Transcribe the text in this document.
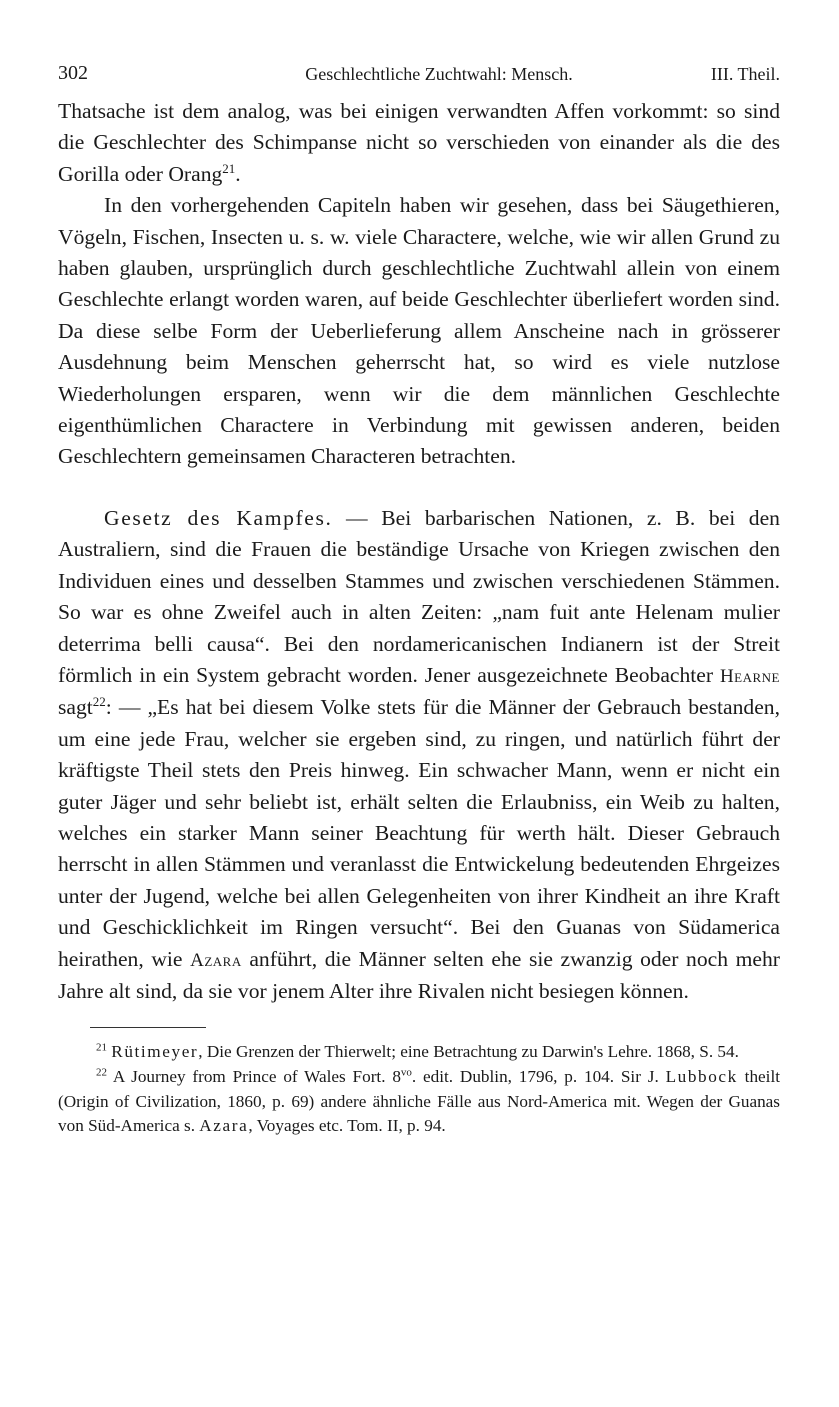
302	Geschlechtliche Zuchtwahl: Mensch.	III. Theil.

Thatsache ist dem analog, was bei einigen verwandten Affen vorkommt: so sind die Geschlechter des Schimpanse nicht so verschieden von einander als die des Gorilla oder Orang$^{21}$.

In den vorhergehenden Capiteln haben wir gesehen, dass bei Säugethieren, Vögeln, Fischen, Insecten u. s. w. viele Charactere, welche, wie wir allen Grund zu haben glauben, ursprünglich durch geschlechtliche Zuchtwahl allein von einem Geschlechte erlangt worden waren, auf beide Geschlechter überliefert worden sind. Da diese selbe Form der Ueberlieferung allem Anscheine nach in grösserer Ausdehnung beim Menschen geherrscht hat, so wird es viele nutzlose Wiederholungen ersparen, wenn wir die dem männlichen Geschlechte eigenthümlichen Charactere in Verbindung mit gewissen anderen, beiden Geschlechtern gemeinsamen Characteren betrachten.

Gesetz des Kampfes. — Bei barbarischen Nationen, z. B. bei den Australiern, sind die Frauen die beständige Ursache von Kriegen zwischen den Individuen eines und desselben Stammes und zwischen verschiedenen Stämmen. So war es ohne Zweifel auch in alten Zeiten: „nam fuit ante Helenam mulier deterrima belli causa“. Bei den nordamericanischen Indianern ist der Streit förmlich in ein System gebracht worden. Jener ausgezeichnete Beobachter Hearne sagt$^{22}$: — „Es hat bei diesem Volke stets für die Männer der Gebrauch bestanden, um eine jede Frau, welcher sie ergeben sind, zu ringen, und natürlich führt der kräftigste Theil stets den Preis hinweg. Ein schwacher Mann, wenn er nicht ein guter Jäger und sehr beliebt ist, erhält selten die Erlaubniss, ein Weib zu halten, welches ein starker Mann seiner Beachtung für werth hält. Dieser Gebrauch herrscht in allen Stämmen und veranlasst die Entwickelung bedeutenden Ehrgeizes unter der Jugend, welche bei allen Gelegenheiten von ihrer Kindheit an ihre Kraft und Geschicklichkeit im Ringen versucht“. Bei den Guanas von Südamerica heirathen, wie Azara anführt, die Männer selten ehe sie zwanzig oder noch mehr Jahre alt sind, da sie vor jenem Alter ihre Rivalen nicht besiegen können.

$^{21}$ Rütimeyer, Die Grenzen der Thierwelt; eine Betrachtung zu Darwin's Lehre. 1868, S. 54.

$^{22}$ A Journey from Prince of Wales Fort. $8^{vo}$. edit. Dublin, 1796, p. 104. Sir J. Lubbock theilt (Origin of Civilization, 1860, p. 69) andere ähnliche Fälle aus Nord-America mit. Wegen der Guanas von Süd-America s. Azara, Voyages etc. Tom. II, p. 94.
